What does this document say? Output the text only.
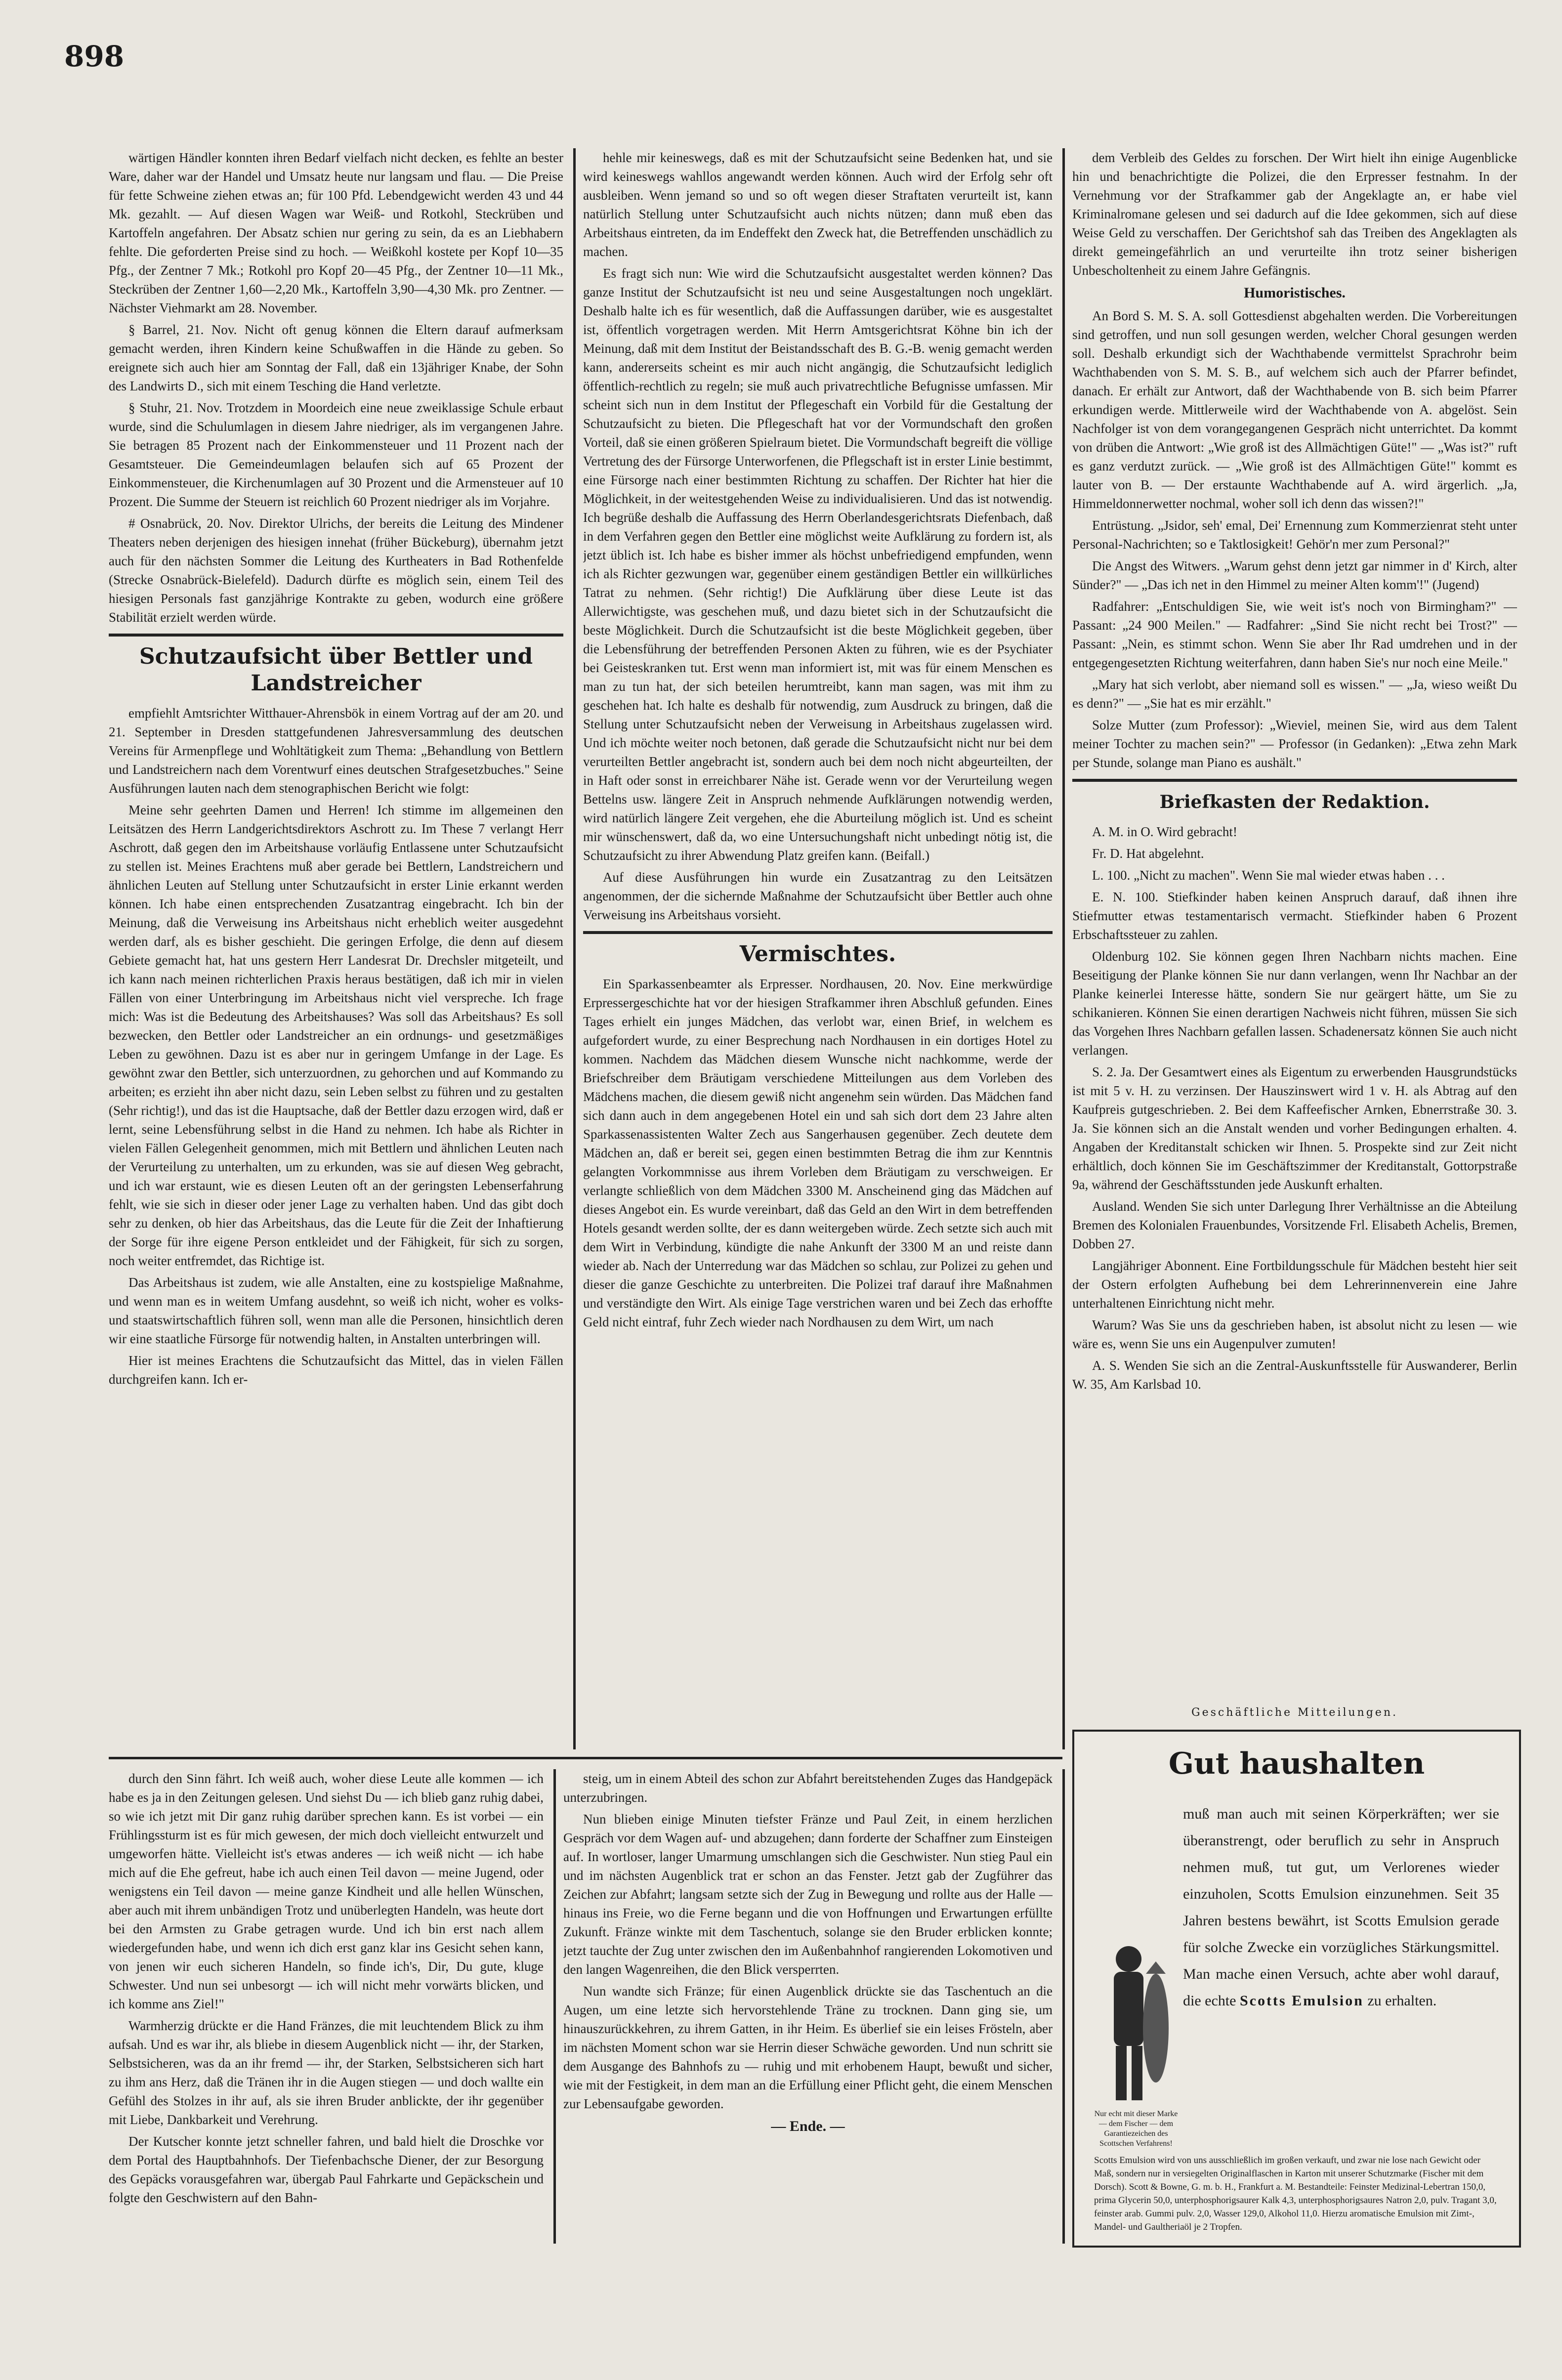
898

wärtigen Händler konnten ihren Bedarf vielfach nicht decken, es fehlte an bester Ware, daher war der Handel und Umsatz heute nur langsam und flau. — Die Preise für fette Schweine ziehen etwas an; für 100 Pfd. Lebendgewicht werden 43 und 44 Mk. gezahlt. — Auf diesen Wagen war Weiß- und Rotkohl, Steckrüben und Kartoffeln angefahren. Der Absatz schien nur gering zu sein, da es an Liebhabern fehlte. Die geforderten Preise sind zu hoch. — Weißkohl kostete per Kopf 10—35 Pfg., der Zentner 7 Mk.; Rotkohl pro Kopf 20—45 Pfg., der Zentner 10—11 Mk., Steckrüben der Zentner 1,60—2,20 Mk., Kartoffeln 3,90—4,30 Mk. pro Zentner. — Nächster Viehmarkt am 28. November.

§ Barrel, 21. Nov. Nicht oft genug können die Eltern darauf aufmerksam gemacht werden, ihren Kindern keine Schußwaffen in die Hände zu geben. So ereignete sich auch hier am Sonntag der Fall, daß ein 13jähriger Knabe, der Sohn des Landwirts D., sich mit einem Tesching die Hand verletzte.

§ Stuhr, 21. Nov. Trotzdem in Moordeich eine neue zweiklassige Schule erbaut wurde, sind die Schulumlagen in diesem Jahre niedriger, als im vergangenen Jahre. Sie betragen 85 Prozent nach der Einkommensteuer und 11 Prozent nach der Gesamtsteuer. Die Gemeindeumlagen belaufen sich auf 65 Prozent der Einkommensteuer, die Kirchenumlagen auf 30 Prozent und die Armensteuer auf 10 Prozent. Die Summe der Steuern ist reichlich 60 Prozent niedriger als im Vorjahre.

# Osnabrück, 20. Nov. Direktor Ulrichs, der bereits die Leitung des Mindener Theaters neben derjenigen des hiesigen innehat (früher Bückeburg), übernahm jetzt auch für den nächsten Sommer die Leitung des Kurtheaters in Bad Rothenfelde (Strecke Osnabrück-Bielefeld). Dadurch dürfte es möglich sein, einem Teil des hiesigen Personals fast ganzjährige Kontrakte zu geben, wodurch eine größere Stabilität erzielt werden würde.

Schutzaufsicht über Bettler und Landstreicher

empfiehlt Amtsrichter Witthauer-Ahrensbök in einem Vortrag auf der am 20. und 21. September in Dresden stattgefundenen Jahresversammlung des deutschen Vereins für Armenpflege und Wohltätigkeit zum Thema: „Behandlung von Bettlern und Landstreichern nach dem Vorentwurf eines deutschen Strafgesetzbuches." Seine Ausführungen lauten nach dem stenographischen Bericht wie folgt:

Meine sehr geehrten Damen und Herren! Ich stimme im allgemeinen den Leitsätzen des Herrn Landgerichtsdirektors Aschrott zu. Im These 7 verlangt Herr Aschrott, daß gegen den im Arbeitshause vorläufig Entlassene unter Schutzaufsicht zu stellen ist. Meines Erachtens muß aber gerade bei Bettlern, Landstreichern und ähnlichen Leuten auf Stellung unter Schutzaufsicht in erster Linie erkannt werden können. Ich habe einen entsprechenden Zusatzantrag eingebracht. Ich bin der Meinung, daß die Verweisung ins Arbeitshaus nicht erheblich weiter ausgedehnt werden darf, als es bisher geschieht. Die geringen Erfolge, die denn auf diesem Gebiete gemacht hat, hat uns gestern Herr Landesrat Dr. Drechsler mitgeteilt, und ich kann nach meinen richterlichen Praxis heraus bestätigen, daß ich mir in vielen Fällen von einer Unterbringung im Arbeitshaus nicht viel verspreche. Ich frage mich: Was ist die Bedeutung des Arbeitshauses? Was soll das Arbeitshaus? Es soll bezwecken, den Bettler oder Landstreicher an ein ordnungs- und gesetzmäßiges Leben zu gewöhnen. Dazu ist es aber nur in geringem Umfange in der Lage. Es gewöhnt zwar den Bettler, sich unterzuordnen, zu gehorchen und auf Kommando zu arbeiten; es erzieht ihn aber nicht dazu, sein Leben selbst zu führen und zu gestalten (Sehr richtig!), und das ist die Hauptsache, daß der Bettler dazu erzogen wird, daß er lernt, seine Lebensführung selbst in die Hand zu nehmen. Ich habe als Richter in vielen Fällen Gelegenheit genommen, mich mit Bettlern und ähnlichen Leuten nach der Verurteilung zu unterhalten, um zu erkunden, was sie auf diesen Weg gebracht, und ich war erstaunt, wie es diesen Leuten oft an der geringsten Lebenserfahrung fehlt, wie sie sich in dieser oder jener Lage zu verhalten haben. Und das gibt doch sehr zu denken, ob hier das Arbeitshaus, das die Leute für die Zeit der Inhaftierung der Sorge für ihre eigene Person entkleidet und der Fähigkeit, für sich zu sorgen, noch weiter entfremdet, das Richtige ist.

Das Arbeitshaus ist zudem, wie alle Anstalten, eine zu kostspielige Maßnahme, und wenn man es in weitem Umfang ausdehnt, so weiß ich nicht, woher es volks- und staatswirtschaftlich führen soll, wenn man alle die Personen, hinsichtlich deren wir eine staatliche Fürsorge für notwendig halten, in Anstalten unterbringen will.

Hier ist meines Erachtens die Schutzaufsicht das Mittel, das in vielen Fällen durchgreifen kann. Ich er-

hehle mir keineswegs, daß es mit der Schutzaufsicht seine Bedenken hat, und sie wird keineswegs wahllos angewandt werden können. Auch wird der Erfolg sehr oft ausbleiben. Wenn jemand so und so oft wegen dieser Straftaten verurteilt ist, kann natürlich Stellung unter Schutzaufsicht auch nichts nützen; dann muß eben das Arbeitshaus eintreten, da im Endeffekt den Zweck hat, die Betreffenden unschädlich zu machen.

Es fragt sich nun: Wie wird die Schutzaufsicht ausgestaltet werden können? Das ganze Institut der Schutzaufsicht ist neu und seine Ausgestaltungen noch ungeklärt. Deshalb halte ich es für wesentlich, daß die Auffassungen darüber, wie es ausgestaltet ist, öffentlich vorgetragen werden. Mit Herrn Amtsgerichtsrat Köhne bin ich der Meinung, daß mit dem Institut der Beistandsschaft des B. G.-B. wenig gemacht werden kann, andererseits scheint es mir auch nicht angängig, die Schutzaufsicht lediglich öffentlich-rechtlich zu regeln; sie muß auch privatrechtliche Befugnisse umfassen. Mir scheint sich nun in dem Institut der Pflegeschaft ein Vorbild für die Gestaltung der Schutzaufsicht zu bieten. Die Pflegeschaft hat vor der Vormundschaft den großen Vorteil, daß sie einen größeren Spielraum bietet. Die Vormundschaft begreift die völlige Vertretung des der Fürsorge Unterworfenen, die Pflegschaft ist in erster Linie bestimmt, eine Fürsorge nach einer bestimmten Richtung zu schaffen. Der Richter hat hier die Möglichkeit, in der weitestgehenden Weise zu individualisieren. Und das ist notwendig. Ich begrüße deshalb die Auffassung des Herrn Oberlandesgerichtsrats Diefenbach, daß in dem Verfahren gegen den Bettler eine möglichst weite Aufklärung zu fordern ist, als jetzt üblich ist. Ich habe es bisher immer als höchst unbefriedigend empfunden, wenn ich als Richter gezwungen war, gegenüber einem geständigen Bettler ein willkürliches Tatrat zu nehmen. (Sehr richtig!) Die Aufklärung über diese Leute ist das Allerwichtigste, was geschehen muß, und dazu bietet sich in der Schutzaufsicht die beste Möglichkeit. Durch die Schutzaufsicht ist die beste Möglichkeit gegeben, über die Lebensführung der betreffenden Personen Akten zu führen, wie es der Psychiater bei Geisteskranken tut. Erst wenn man informiert ist, mit was für einem Menschen es man zu tun hat, der sich beteilen herumtreibt, kann man sagen, was mit ihm zu geschehen hat. Ich halte es deshalb für notwendig, zum Ausdruck zu bringen, daß die Stellung unter Schutzaufsicht neben der Verweisung in Arbeitshaus zugelassen wird. Und ich möchte weiter noch betonen, daß gerade die Schutzaufsicht nicht nur bei dem verurteilten Bettler angebracht ist, sondern auch bei dem noch nicht abgeurteilten, der in Haft oder sonst in erreichbarer Nähe ist. Gerade wenn vor der Verurteilung wegen Bettelns usw. längere Zeit in Anspruch nehmende Aufklärungen notwendig werden, wird natürlich längere Zeit vergehen, ehe die Aburteilung möglich ist. Und es scheint mir wünschenswert, daß da, wo eine Untersuchungshaft nicht unbedingt nötig ist, die Schutzaufsicht zu ihrer Abwendung Platz greifen kann. (Beifall.)

Auf diese Ausführungen hin wurde ein Zusatzantrag zu den Leitsätzen angenommen, der die sichernde Maßnahme der Schutzaufsicht über Bettler auch ohne Verweisung ins Arbeitshaus vorsieht.

Vermischtes.

Ein Sparkassenbeamter als Erpresser. Nordhausen, 20. Nov. Eine merkwürdige Erpressergeschichte hat vor der hiesigen Strafkammer ihren Abschluß gefunden. Eines Tages erhielt ein junges Mädchen, das verlobt war, einen Brief, in welchem es aufgefordert wurde, zu einer Besprechung nach Nordhausen in ein dortiges Hotel zu kommen. Nachdem das Mädchen diesem Wunsche nicht nachkomme, werde der Briefschreiber dem Bräutigam verschiedene Mitteilungen aus dem Vorleben des Mädchens machen, die diesem gewiß nicht angenehm sein würden. Das Mädchen fand sich dann auch in dem angegebenen Hotel ein und sah sich dort dem 23 Jahre alten Sparkassenassistenten Walter Zech aus Sangerhausen gegenüber. Zech deutete dem Mädchen an, daß er bereit sei, gegen einen bestimmten Betrag die ihm zur Kenntnis gelangten Vorkommnisse aus ihrem Vorleben dem Bräutigam zu verschweigen. Er verlangte schließlich von dem Mädchen 3300 M. Anscheinend ging das Mädchen auf dieses Angebot ein. Es wurde vereinbart, daß das Geld an den Wirt in dem betreffenden Hotels gesandt werden sollte, der es dann weitergeben würde. Zech setzte sich auch mit dem Wirt in Verbindung, kündigte die nahe Ankunft der 3300 M an und reiste dann wieder ab. Nach der Unterredung war das Mädchen so schlau, zur Polizei zu gehen und dieser die ganze Geschichte zu unterbreiten. Die Polizei traf darauf ihre Maßnahmen und verständigte den Wirt. Als einige Tage verstrichen waren und bei Zech das erhoffte Geld nicht eintraf, fuhr Zech wieder nach Nordhausen zu dem Wirt, um nach

dem Verbleib des Geldes zu forschen. Der Wirt hielt ihn einige Augenblicke hin und benachrichtigte die Polizei, die den Erpresser festnahm. In der Vernehmung vor der Strafkammer gab der Angeklagte an, er habe viel Kriminalromane gelesen und sei dadurch auf die Idee gekommen, sich auf diese Weise Geld zu verschaffen. Der Gerichtshof sah das Treiben des Angeklagten als direkt gemeingefährlich an und verurteilte ihn trotz seiner bisherigen Unbescholtenheit zu einem Jahre Gefängnis.

Humoristisches.

An Bord S. M. S. A. soll Gottesdienst abgehalten werden. Die Vorbereitungen sind getroffen, und nun soll gesungen werden, welcher Choral gesungen werden soll. Deshalb erkundigt sich der Wachthabende vermittelst Sprachrohr beim Wachthabenden von S. M. S. B., auf welchem sich auch der Pfarrer befindet, danach. Er erhält zur Antwort, daß der Wachthabende von B. sich beim Pfarrer erkundigen werde. Mittlerweile wird der Wachthabende von A. abgelöst. Sein Nachfolger ist von dem vorangegangenen Gespräch nicht unterrichtet. Da kommt von drüben die Antwort: „Wie groß ist des Allmächtigen Güte!" — „Was ist?" ruft es ganz verdutzt zurück. — „Wie groß ist des Allmächtigen Güte!" kommt es lauter von B. — Der erstaunte Wachthabende auf A. wird ärgerlich. „Ja, Himmeldonnerwetter nochmal, woher soll ich denn das wissen?!"

Entrüstung. „Jsidor, seh' emal, Dei' Ernennung zum Kommerzienrat steht unter Personal-Nachrichten; so e Taktlosigkeit! Gehör'n mer zum Personal?"

Die Angst des Witwers. „Warum gehst denn jetzt gar nimmer in d' Kirch, alter Sünder?" — „Das ich net in den Himmel zu meiner Alten komm'!" (Jugend)

Radfahrer: „Entschuldigen Sie, wie weit ist's noch von Birmingham?" — Passant: „24 900 Meilen." — Radfahrer: „Sind Sie nicht recht bei Trost?" — Passant: „Nein, es stimmt schon. Wenn Sie aber Ihr Rad umdrehen und in der entgegengesetzten Richtung weiterfahren, dann haben Sie's nur noch eine Meile."

„Mary hat sich verlobt, aber niemand soll es wissen." — „Ja, wieso weißt Du es denn?" — „Sie hat es mir erzählt."

Solze Mutter (zum Professor): „Wieviel, meinen Sie, wird aus dem Talent meiner Tochter zu machen sein?" — Professor (in Gedanken): „Etwa zehn Mark per Stunde, solange man Piano es aushält."

Briefkasten der Redaktion.

A. M. in O. Wird gebracht!

Fr. D. Hat abgelehnt.

L. 100. „Nicht zu machen". Wenn Sie mal wieder etwas haben . . .

E. N. 100. Stiefkinder haben keinen Anspruch darauf, daß ihnen ihre Stiefmutter etwas testamentarisch vermacht. Stiefkinder haben 6 Prozent Erbschaftssteuer zu zahlen.

Oldenburg 102. Sie können gegen Ihren Nachbarn nichts machen. Eine Beseitigung der Planke können Sie nur dann verlangen, wenn Ihr Nachbar an der Planke keinerlei Interesse hätte, sondern Sie nur geärgert hätte, um Sie zu schikanieren. Können Sie einen derartigen Nachweis nicht führen, müssen Sie sich das Vorgehen Ihres Nachbarn gefallen lassen. Schadenersatz können Sie auch nicht verlangen.

S. 2. Ja. Der Gesamtwert eines als Eigentum zu erwerbenden Hausgrundstücks ist mit 5 v. H. zu verzinsen. Der Hauszinswert wird 1 v. H. als Abtrag auf den Kaufpreis gutgeschrieben. 2. Bei dem Kaffeefischer Arnken, Ebnerrstraße 30. 3. Ja. Sie können sich an die Anstalt wenden und vorher Bedingungen erhalten. 4. Angaben der Kreditanstalt schicken wir Ihnen. 5. Prospekte sind zur Zeit nicht erhältlich, doch können Sie im Geschäftszimmer der Kreditanstalt, Gottorpstraße 9a, während der Geschäftsstunden jede Auskunft erhalten.

Ausland. Wenden Sie sich unter Darlegung Ihrer Verhältnisse an die Abteilung Bremen des Kolonialen Frauenbundes, Vorsitzende Frl. Elisabeth Achelis, Bremen, Dobben 27.

Langjähriger Abonnent. Eine Fortbildungsschule für Mädchen besteht hier seit der Ostern erfolgten Aufhebung bei dem Lehrerinnenverein eine Jahre unterhaltenen Einrichtung nicht mehr.

Warum? Was Sie uns da geschrieben haben, ist absolut nicht zu lesen — wie wäre es, wenn Sie uns ein Augenpulver zumuten!

A. S. Wenden Sie sich an die Zentral-Auskunftsstelle für Auswanderer, Berlin W. 35, Am Karlsbad 10.

durch den Sinn fährt. Ich weiß auch, woher diese Leute alle kommen — ich habe es ja in den Zeitungen gelesen. Und siehst Du — ich blieb ganz ruhig dabei, so wie ich jetzt mit Dir ganz ruhig darüber sprechen kann. Es ist vorbei — ein Frühlingssturm ist es für mich gewesen, der mich doch vielleicht entwurzelt und umgeworfen hätte. Vielleicht ist's etwas anderes — ich weiß nicht — ich habe mich auf die Ehe gefreut, habe ich auch einen Teil davon — meine Jugend, oder wenigstens ein Teil davon — meine ganze Kindheit und alle hellen Wünschen, aber auch mit ihrem unbändigen Trotz und unüberlegten Handeln, was heute dort bei den Armsten zu Grabe getragen wurde. Und ich bin erst nach allem wiedergefunden habe, und wenn ich dich erst ganz klar ins Gesicht sehen kann, von jenen wir euch sicheren Handeln, so finde ich's, Dir, Du gute, kluge Schwester. Und nun sei unbesorgt — ich will nicht mehr vorwärts blicken, und ich komme ans Ziel!"

Warmherzig drückte er die Hand Fränzes, die mit leuchtendem Blick zu ihm aufsah. Und es war ihr, als bliebe in diesem Augenblick nicht — ihr, der Starken, Selbstsicheren, was da an ihr fremd — ihr, der Starken, Selbstsicheren sich hart zu ihm ans Herz, daß die Tränen ihr in die Augen stiegen — und doch wallte ein Gefühl des Stolzes in ihr auf, als sie ihren Bruder anblickte, der ihr gegenüber mit Liebe, Dankbarkeit und Verehrung.

Der Kutscher konnte jetzt schneller fahren, und bald hielt die Droschke vor dem Portal des Hauptbahnhofs. Der Tiefenbachsche Diener, der zur Besorgung des Gepäcks vorausgefahren war, übergab Paul Fahrkarte und Gepäckschein und folgte den Geschwistern auf den Bahn-

steig, um in einem Abteil des schon zur Abfahrt bereitstehenden Zuges das Handgepäck unterzubringen.

Nun blieben einige Minuten tiefster Fränze und Paul Zeit, in einem herzlichen Gespräch vor dem Wagen auf- und abzugehen; dann forderte der Schaffner zum Einsteigen auf. In wortloser, langer Umarmung umschlangen sich die Geschwister. Nun stieg Paul ein und im nächsten Augenblick trat er schon an das Fenster. Jetzt gab der Zugführer das Zeichen zur Abfahrt; langsam setzte sich der Zug in Bewegung und rollte aus der Halle — hinaus ins Freie, wo die Ferne begann und die von Hoffnungen und Erwartungen erfüllte Zukunft. Fränze winkte mit dem Taschentuch, solange sie den Bruder erblicken konnte; jetzt tauchte der Zug unter zwischen den im Außenbahnhof rangierenden Lokomotiven und den langen Wagenreihen, die den Blick versperrten.

Nun wandte sich Fränze; für einen Augenblick drückte sie das Taschentuch an die Augen, um eine letzte sich hervorstehlende Träne zu trocknen. Dann ging sie, um hinauszurückkehren, zu ihrem Gatten, in ihr Heim. Es überlief sie ein leises Frösteln, aber im nächsten Moment schon war sie Herrin dieser Schwäche geworden. Und nun schritt sie dem Ausgange des Bahnhofs zu — ruhig und mit erhobenem Haupt, bewußt und sicher, wie mit der Festigkeit, in dem man an die Erfüllung einer Pflicht geht, die einem Menschen zur Lebensaufgabe geworden.

— Ende. —
Geschäftliche Mitteilungen.
Gut haushalten
muß man auch mit seinen Körperkräften; wer sie überanstrengt, oder beruflich zu sehr in Anspruch nehmen muß, tut gut, um Verlorenes wieder einzuholen, Scotts Emulsion einzunehmen. Seit 35 Jahren bestens bewährt, ist Scotts Emulsion gerade für solche Zwecke ein vorzügliches Stärkungsmittel. Man mache einen Versuch, achte aber wohl darauf, die echte Scotts Emulsion zu erhalten.
Nur echt mit dieser Marke — dem Fischer — dem Garantiezeichen des Scottschen Verfahrens!
Scotts Emulsion wird von uns ausschließlich im großen verkauft, und zwar nie lose nach Gewicht oder Maß, sondern nur in versiegelten Originalflaschen in Karton mit unserer Schutzmarke (Fischer mit dem Dorsch). Scott & Bowne, G. m. b. H., Frankfurt a. M. Bestandteile: Feinster Medizinal-Lebertran 150,0, prima Glycerin 50,0, unterphosphorigsaurer Kalk 4,3, unterphosphorigsaures Natron 2,0, pulv. Tragant 3,0, feinster arab. Gummi pulv. 2,0, Wasser 129,0, Alkohol 11,0. Hierzu aromatische Emulsion mit Zimt-, Mandel- und Gaultheriaöl je 2 Tropfen.
